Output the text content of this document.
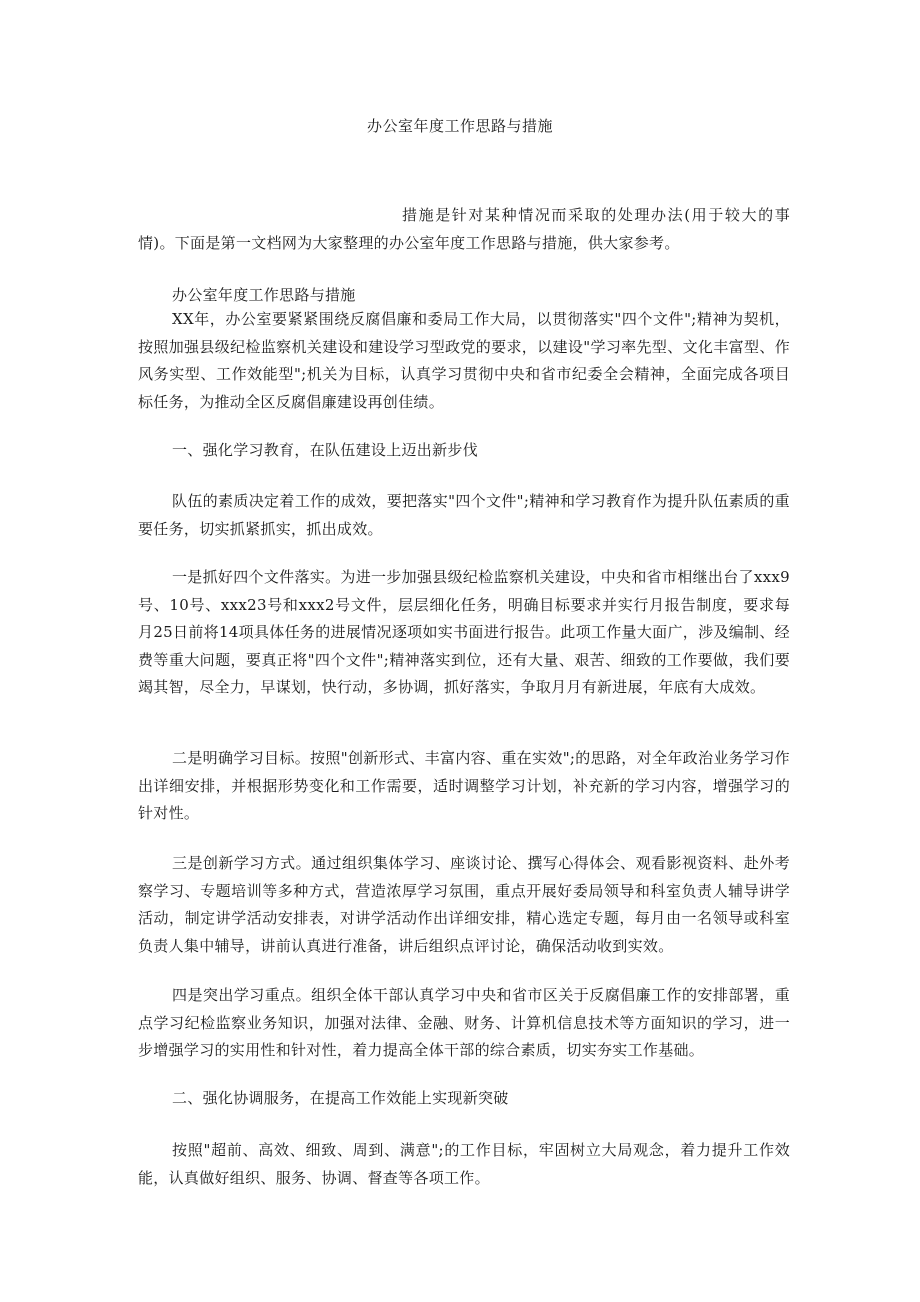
办公室年度工作思路与措施

措施是针对某种情况而采取的处理办法(用于较大的事情)。下面是第一文档网为大家整理的办公室年度工作思路与措施，供大家参考。

办公室年度工作思路与措施

XX年，办公室要紧紧围绕反腐倡廉和委局工作大局，以贯彻落实"四个文件";精神为契机，按照加强县级纪检监察机关建设和建设学习型政党的要求，以建设"学习率先型、文化丰富型、作风务实型、工作效能型";机关为目标，认真学习贯彻中央和省市纪委全会精神，全面完成各项目标任务，为推动全区反腐倡廉建设再创佳绩。

一、强化学习教育，在队伍建设上迈出新步伐

队伍的素质决定着工作的成效，要把落实"四个文件";精神和学习教育作为提升队伍素质的重要任务，切实抓紧抓实，抓出成效。

一是抓好四个文件落实。为进一步加强县级纪检监察机关建设，中央和省市相继出台了xxx9号、10号、xxx23号和xxx2号文件，层层细化任务，明确目标要求并实行月报告制度，要求每月25日前将14项具体任务的进展情况逐项如实书面进行报告。此项工作量大面广，涉及编制、经费等重大问题，要真正将"四个文件";精神落实到位，还有大量、艰苦、细致的工作要做，我们要竭其智，尽全力，早谋划，快行动，多协调，抓好落实，争取月月有新进展，年底有大成效。

二是明确学习目标。按照"创新形式、丰富内容、重在实效";的思路，对全年政治业务学习作出详细安排，并根据形势变化和工作需要，适时调整学习计划，补充新的学习内容，增强学习的针对性。

三是创新学习方式。通过组织集体学习、座谈讨论、撰写心得体会、观看影视资料、赴外考察学习、专题培训等多种方式，营造浓厚学习氛围，重点开展好委局领导和科室负责人辅导讲学活动，制定讲学活动安排表，对讲学活动作出详细安排，精心选定专题，每月由一名领导或科室负责人集中辅导，讲前认真进行准备，讲后组织点评讨论，确保活动收到实效。

四是突出学习重点。组织全体干部认真学习中央和省市区关于反腐倡廉工作的安排部署，重点学习纪检监察业务知识，加强对法律、金融、财务、计算机信息技术等方面知识的学习，进一步增强学习的实用性和针对性，着力提高全体干部的综合素质，切实夯实工作基础。

二、强化协调服务，在提高工作效能上实现新突破

按照"超前、高效、细致、周到、满意";的工作目标，牢固树立大局观念，着力提升工作效能，认真做好组织、服务、协调、督查等各项工作。
